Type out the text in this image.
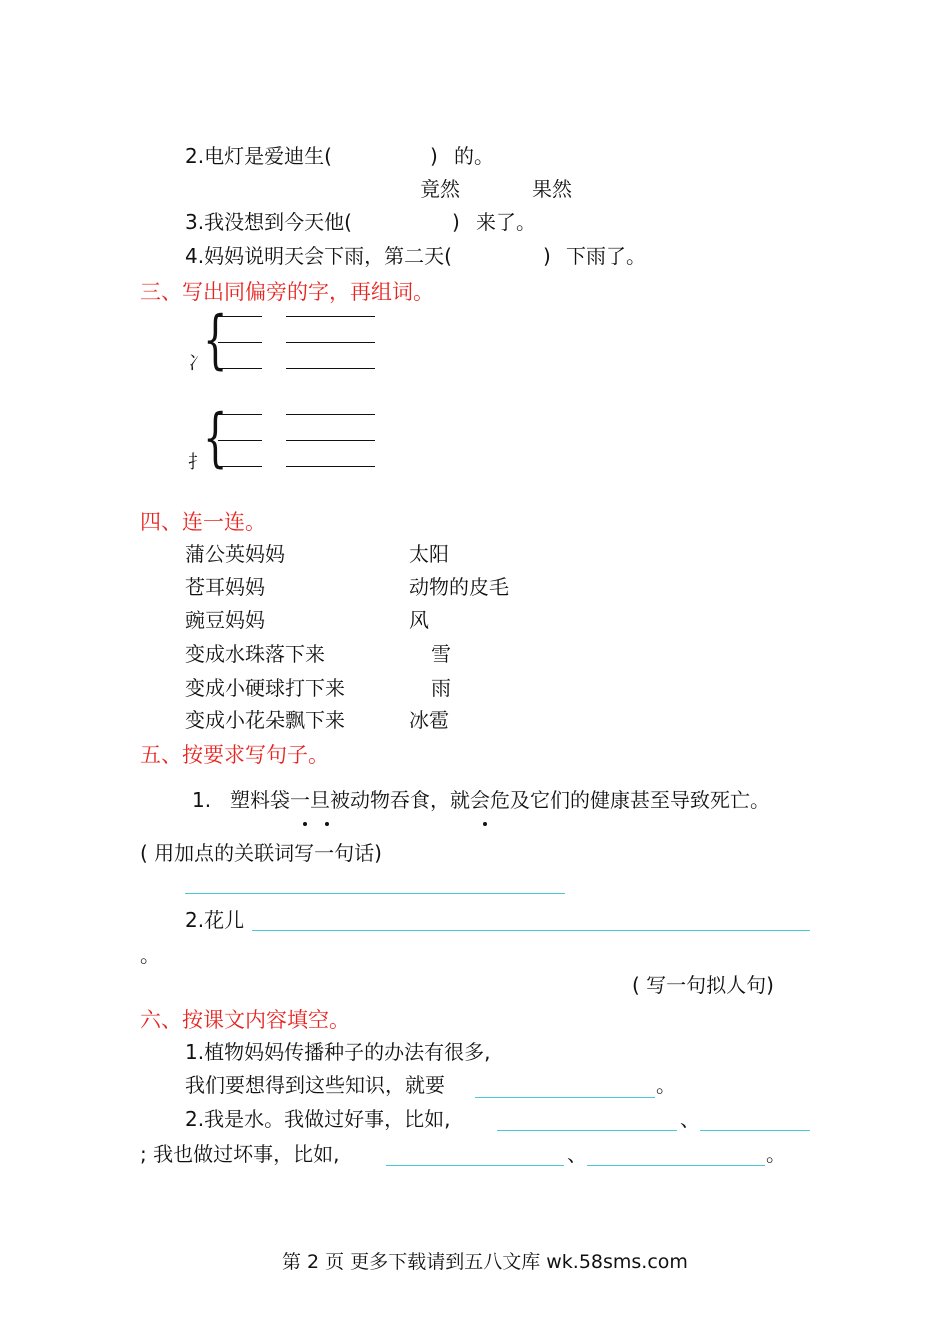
2.电灯是爱迪生(	) 的。
竟然	果然
3.我没想到今天他(	) 来了。
4.妈妈说明天会下雨，第二天(	) 下雨了。
三、写出同偏旁的字，再组词。
冫
{
扌
{
四、连一连。
蒲公英妈妈
苍耳妈妈
豌豆妈妈
变成水珠落下来
变成小硬球打下来
变成小花朵飘下来
太阳
动物的皮毛
风
雪
雨
冰雹
五、按要求写句子。
1. 塑料袋一旦被动物吞食，就会危及它们的健康甚至导致死亡。
( 用加点的关联词写一句话)
2.花儿
。
( 写一句拟人句)
六、按课文内容填空。
1.植物妈妈传播种子的办法有很多,
我们要想得到这些知识，就要	。
2.我是水。我做过好事，比如,	、
; 我也做过坏事，比如,	、	。
第 2 页 更多下载请到五八文库 wk.58sms.com
